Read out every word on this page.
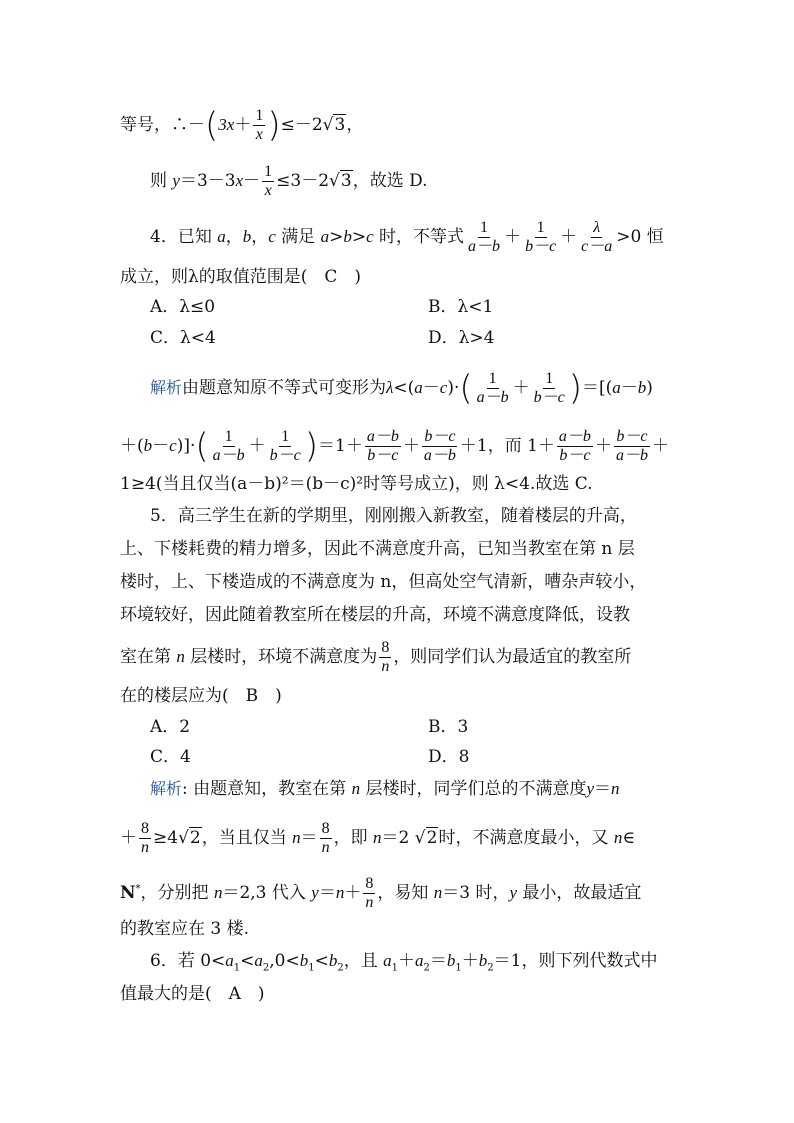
等号，∴－(3x＋ $\frac{1}{x} )\le-2√3$，
则 $y=3-3x- \frac{1}{x} \le 3-2√3$，故选 D.
4．已知 a，b，c 满足 a>b>c 时，不等式 $\frac{1}{a-b} + \frac{1}{b-c} + \frac{\lambda}{c-a} >0$ 恒
成立，则λ的取值范围是(　C　)
A．λ≤0	B．λ<1
C．λ<4	D．λ>4
解析由题意知原不等式可变形为$\lambda<(a-c)\cdot( \frac{1}{a-b} + \frac{1}{b-c} )=[(a-b)$
$+(b-c)]\cdot( \frac{1}{a-b} + \frac{1}{b-c} )=1+ \frac{a-b}{b-c} + \frac{b-c}{a-b} +1$，而 $1+ \frac{a-b}{b-c} + \frac{b-c}{a-b}$ ＋
1≥4(当且仅当(a－b)²＝(b－c)²时等号成立)，则 λ<4.故选 C.
5．高三学生在新的学期里，刚刚搬入新教室，随着楼层的升高，
上、下楼耗费的精力增多，因此不满意度升高，已知当教室在第 n 层
楼时，上、下楼造成的不满意度为 n，但高处空气清新，嘈杂声较小，
环境较好，因此随着教室所在楼层的升高，环境不满意度降低，设教
室在第 n 层楼时，环境不满意度为 $\frac{8}{n}$ ，则同学们认为最适宜的教室所
在的楼层应为(　B　)
A．2	B．3
C．4	D．8
解析: 由题意知，教室在第 n 层楼时，同学们总的不满意度y＝n
＋ $\frac{8}{n} \ge 4√2$，当且仅当 $n= \frac{8}{n}$ ，即 n＝2 √2时，不满意度最小，又 n∈
N*，分别把 n＝2,3 代入 $y=n+ \frac{8}{n}$ ，易知 n＝3 时，y 最小，故最适宜
的教室应在 3 楼.
6．若 $0<a_1<a_2,0<b_1<b_2$，且 $a_1+a_2=b_1+b_2=1$，则下列代数式中
值最大的是(　A　)
